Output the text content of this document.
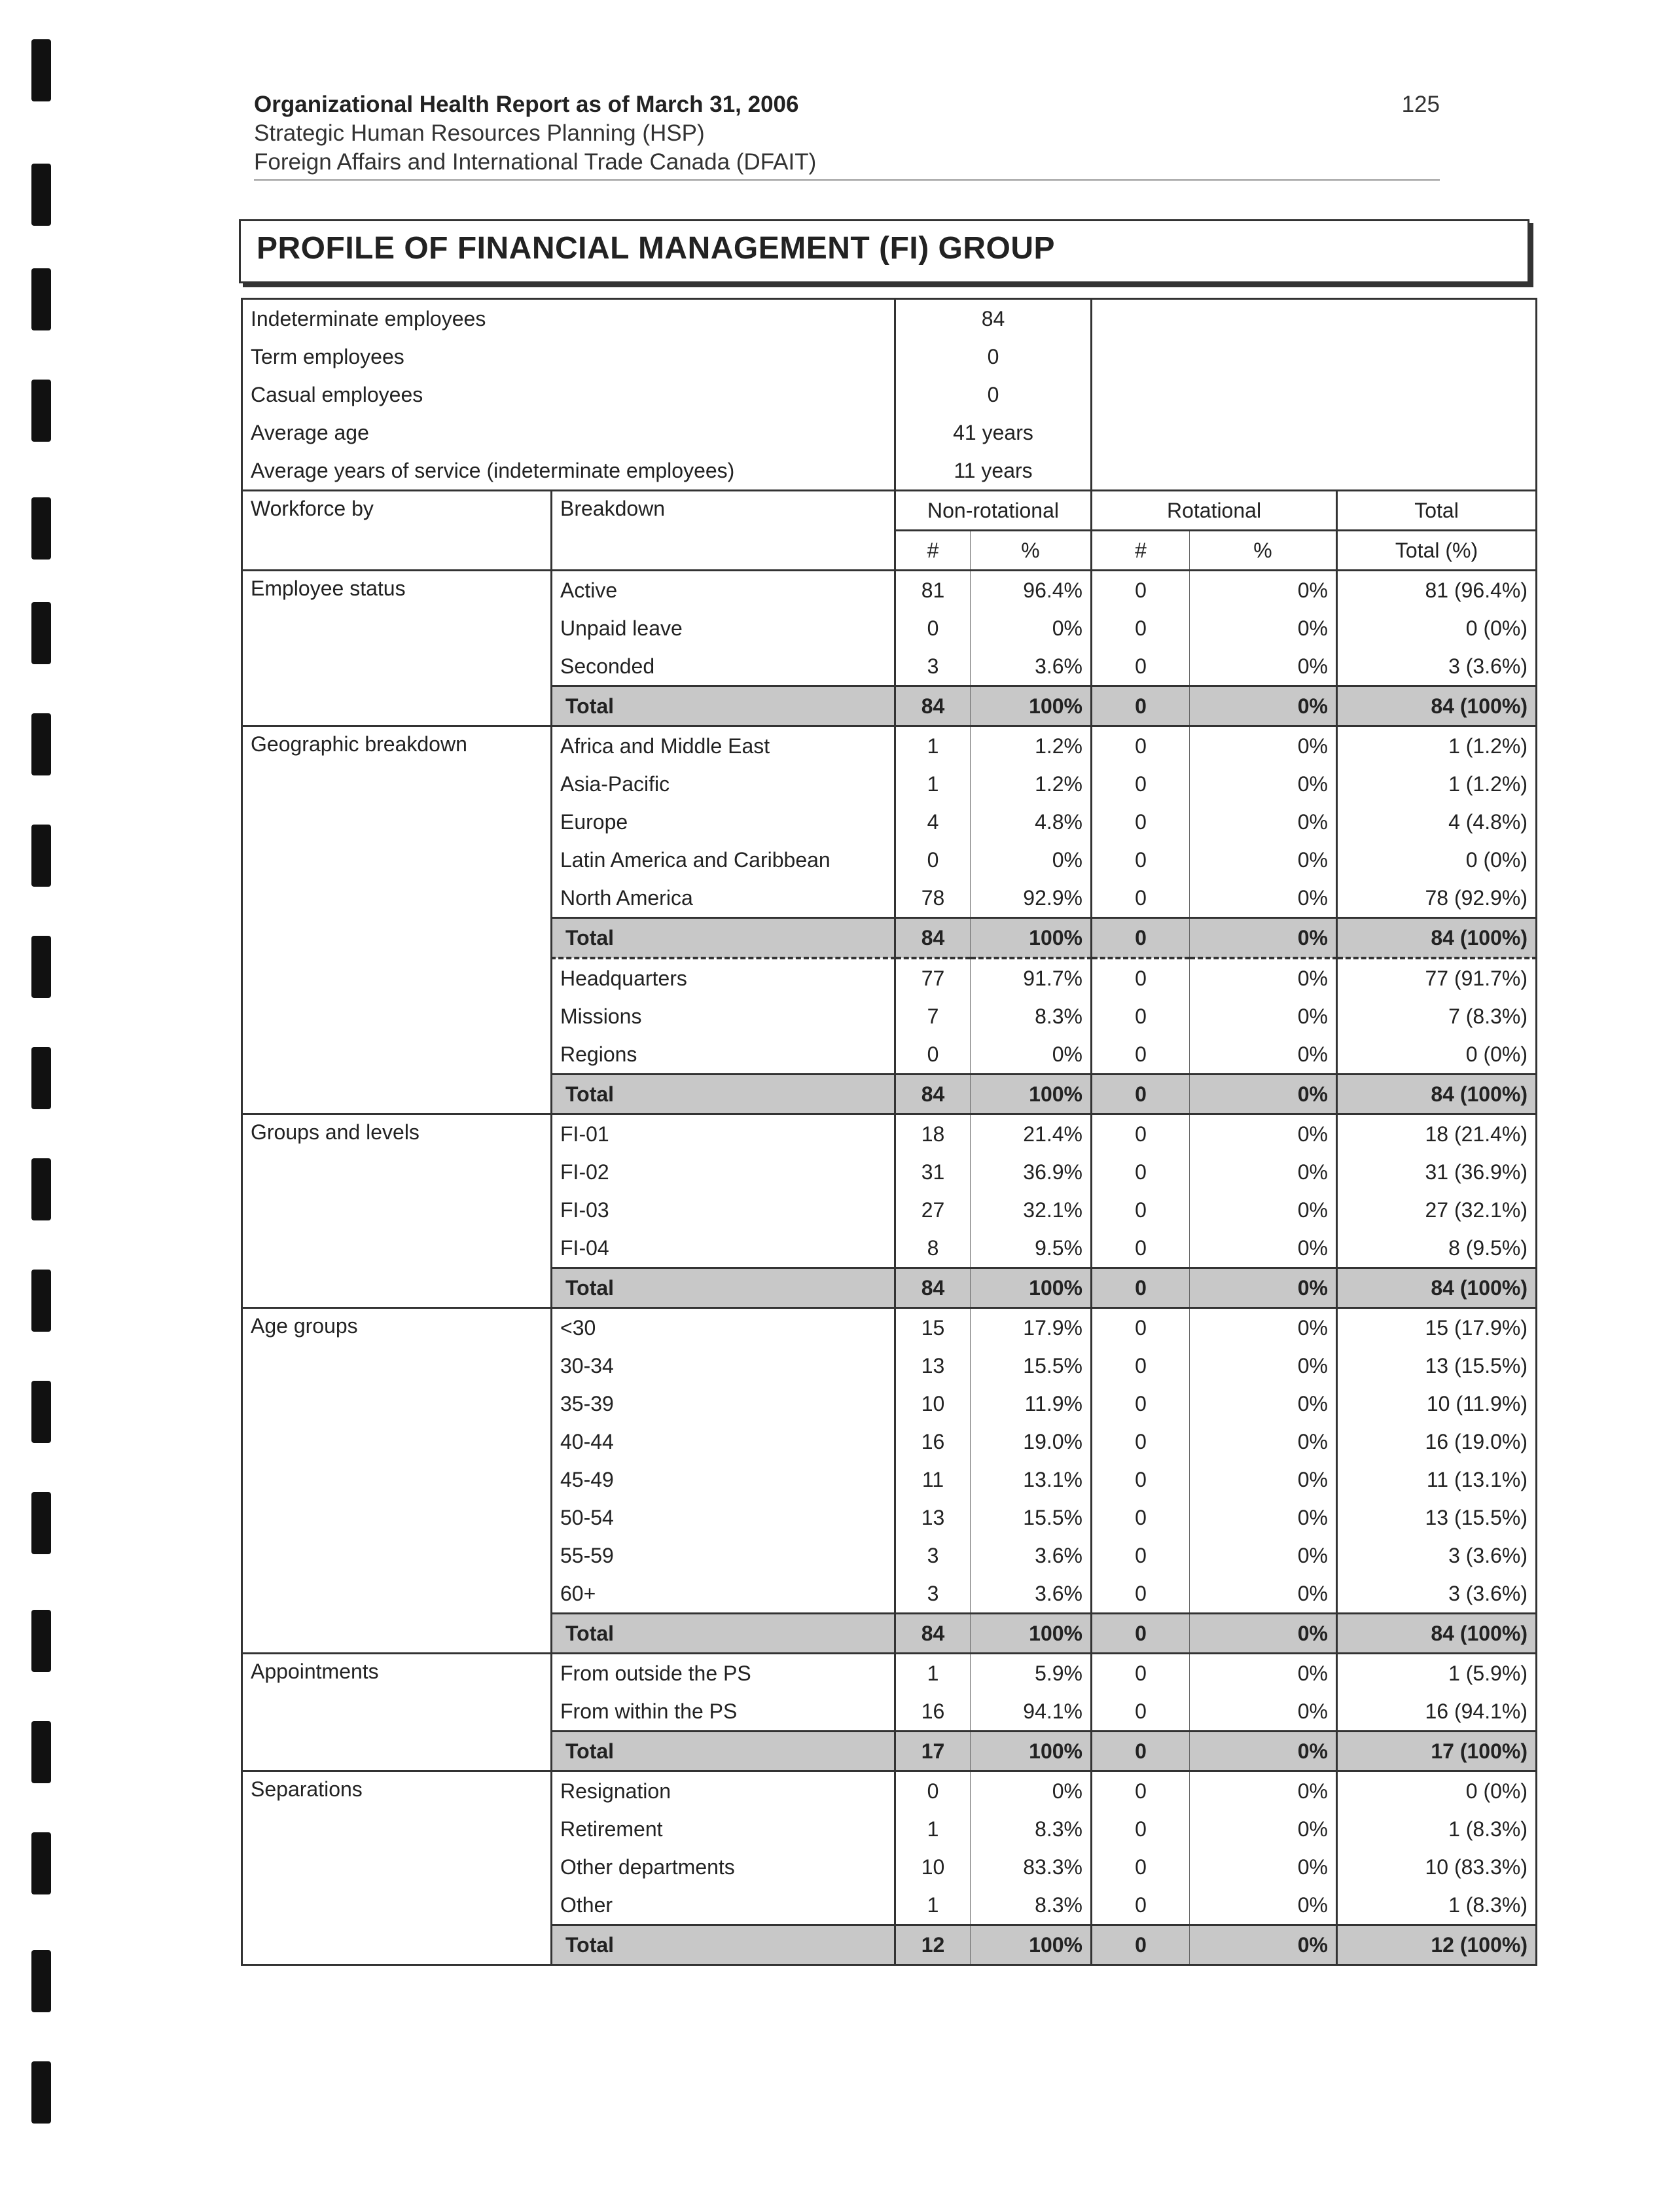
Organizational Health Report as of March 31, 2006
Strategic Human Resources Planning (HSP)
Foreign Affairs and International Trade Canada (DFAIT)
125
PROFILE OF FINANCIAL MANAGEMENT (FI) GROUP
Indeterminate employees		84				
Term employees		0				
Casual employees		0				
Average age		41 years				
Average years of service (indeterminate employees)		11 years				
Workforce by	Breakdown	Non-rotational		Rotational		Total
		#	%	#	%	Total (%)
Employee status	Active	81	96.4%	0	0%	81 (96.4%)
	Unpaid leave	0	0%	0	0%	0 (0%)
	Seconded	3	3.6%	0	0%	3 (3.6%)
	Total	84	100%	0	0%	84 (100%)
Geographic breakdown	Africa and Middle East	1	1.2%	0	0%	1 (1.2%)
	Asia-Pacific	1	1.2%	0	0%	1 (1.2%)
	Europe	4	4.8%	0	0%	4 (4.8%)
	Latin America and Caribbean	0	0%	0	0%	0 (0%)
	North America	78	92.9%	0	0%	78 (92.9%)
	Total	84	100%	0	0%	84 (100%)
	Headquarters	77	91.7%	0	0%	77 (91.7%)
	Missions	7	8.3%	0	0%	7 (8.3%)
	Regions	0	0%	0	0%	0 (0%)
	Total	84	100%	0	0%	84 (100%)
Groups and levels	FI-01	18	21.4%	0	0%	18 (21.4%)
	FI-02	31	36.9%	0	0%	31 (36.9%)
	FI-03	27	32.1%	0	0%	27 (32.1%)
	FI-04	8	9.5%	0	0%	8 (9.5%)
	Total	84	100%	0	0%	84 (100%)
Age groups	<30	15	17.9%	0	0%	15 (17.9%)
	30-34	13	15.5%	0	0%	13 (15.5%)
	35-39	10	11.9%	0	0%	10 (11.9%)
	40-44	16	19.0%	0	0%	16 (19.0%)
	45-49	11	13.1%	0	0%	11 (13.1%)
	50-54	13	15.5%	0	0%	13 (15.5%)
	55-59	3	3.6%	0	0%	3 (3.6%)
	60+	3	3.6%	0	0%	3 (3.6%)
	Total	84	100%	0	0%	84 (100%)
Appointments	From outside the PS	1	5.9%	0	0%	1 (5.9%)
	From within the PS	16	94.1%	0	0%	16 (94.1%)
	Total	17	100%	0	0%	17 (100%)
Separations	Resignation	0	0%	0	0%	0 (0%)
	Retirement	1	8.3%	0	0%	1 (8.3%)
	Other departments	10	83.3%	0	0%	10 (83.3%)
	Other	1	8.3%	0	0%	1 (8.3%)
	Total	12	100%	0	0%	12 (100%)
